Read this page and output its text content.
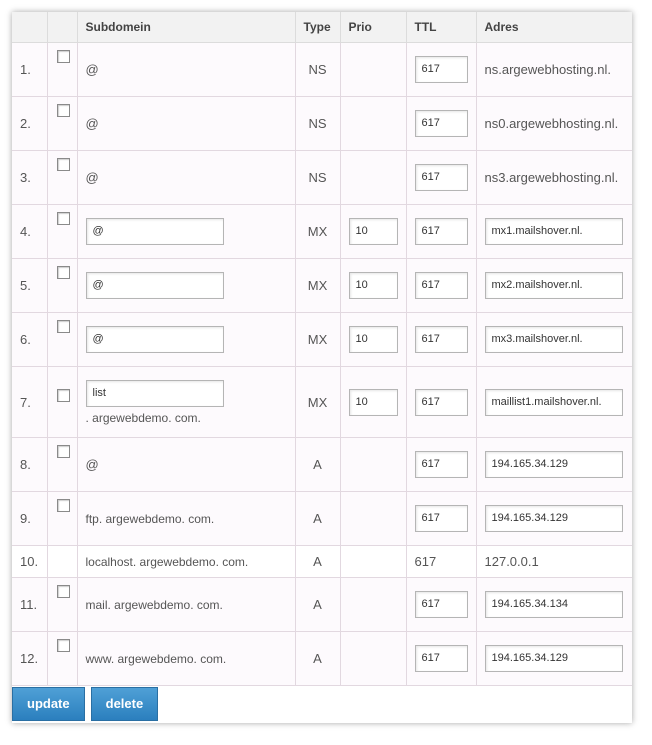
		Subdomein	Type	Prio	TTL	Adres
1.		@	NS		617	ns.argewebhosting.nl.
2.		@	NS		617	ns0.argewebhosting.nl.
3.		@	NS		617	ns3.argewebhosting.nl.
4.		@	MX	10	617	mx1.mailshover.nl.
5.		@	MX	10	617	mx2.mailshover.nl.
6.		@	MX	10	617	mx3.mailshover.nl.
7.		list
. argewebdemo. com.	MX	10	617	maillist1.mailshover.nl.
8.		@	A		617	194.165.34.129
9.		ftp. argewebdemo. com.	A		617	194.165.34.129
10.		localhost. argewebdemo. com.	A		617	127.0.0.1
11.		mail. argewebdemo. com.	A		617	194.165.34.134
12.		www. argewebdemo. com.	A		617	194.165.34.129
update	delete
